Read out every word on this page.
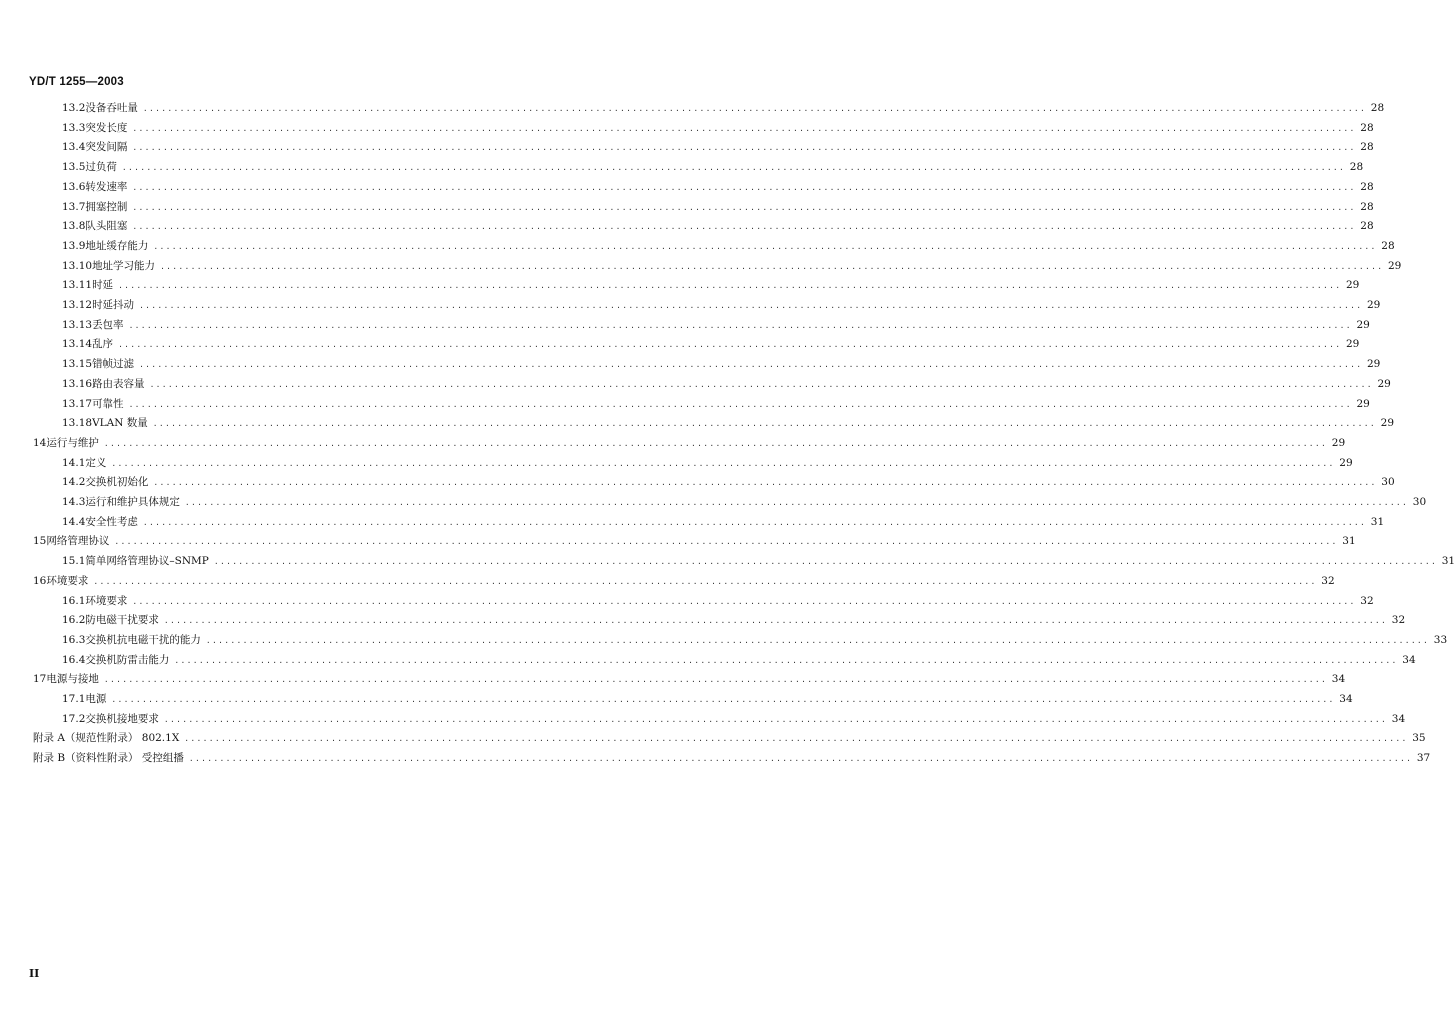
YD/T 1255—2003
13.2 没备吞吐量 ........................................................................................................................................................................................................ 28
13.3 突发长度 ........................................................................................................................................................................................................ 28
13.4 突发间隔 ........................................................................................................................................................................................................ 28
13.5 过负荷 ........................................................................................................................................................................................................ 28
13.6 转发速率 ........................................................................................................................................................................................................ 28
13.7 拥塞控制 ........................................................................................................................................................................................................ 28
13.8 队头阻塞 ........................................................................................................................................................................................................ 28
13.9 地址缓存能力 ........................................................................................................................................................................................................ 28
13.10 地址学习能力 ........................................................................................................................................................................................................ 29
13.11 时延 ........................................................................................................................................................................................................ 29
13.12 时延抖动 ........................................................................................................................................................................................................ 29
13.13 丢包率 ........................................................................................................................................................................................................ 29
13.14 乱序 ........................................................................................................................................................................................................ 29
13.15 错帧过滤 ........................................................................................................................................................................................................ 29
13.16 路由表容量 ........................................................................................................................................................................................................ 29
13.17 可靠性 ........................................................................................................................................................................................................ 29
13.18 VLAN 数量 ........................................................................................................................................................................................................ 29
14 运行与维护 ........................................................................................................................................................................................................ 29
14.1 定义 ........................................................................................................................................................................................................ 29
14.2 交换机初始化 ........................................................................................................................................................................................................ 30
14.3 运行和维护具体规定 ........................................................................................................................................................................................................ 30
14.4 安全性考虑 ........................................................................................................................................................................................................ 31
15 网络管理协议 ........................................................................................................................................................................................................ 31
15.1 简单网络管理协议–SNMP ........................................................................................................................................................................................................ 31
16 环境要求 ........................................................................................................................................................................................................ 32
16.1 环境要求 ........................................................................................................................................................................................................ 32
16.2 防电磁干扰要求 ........................................................................................................................................................................................................ 32
16.3 交换机抗电磁干扰的能力 ........................................................................................................................................................................................................ 33
16.4 交换机防雷击能力 ........................................................................................................................................................................................................ 34
17 电源与接地 ........................................................................................................................................................................................................ 34
17.1 电源 ........................................................................................................................................................................................................ 34
17.2 交换机接地要求 ........................................................................................................................................................................................................ 34
附录 A （规范性附录） 802.1X ........................................................................................................................................................................................................ 35
附录 B （资料性附录） 受控组播 ........................................................................................................................................................................................................ 37
II
